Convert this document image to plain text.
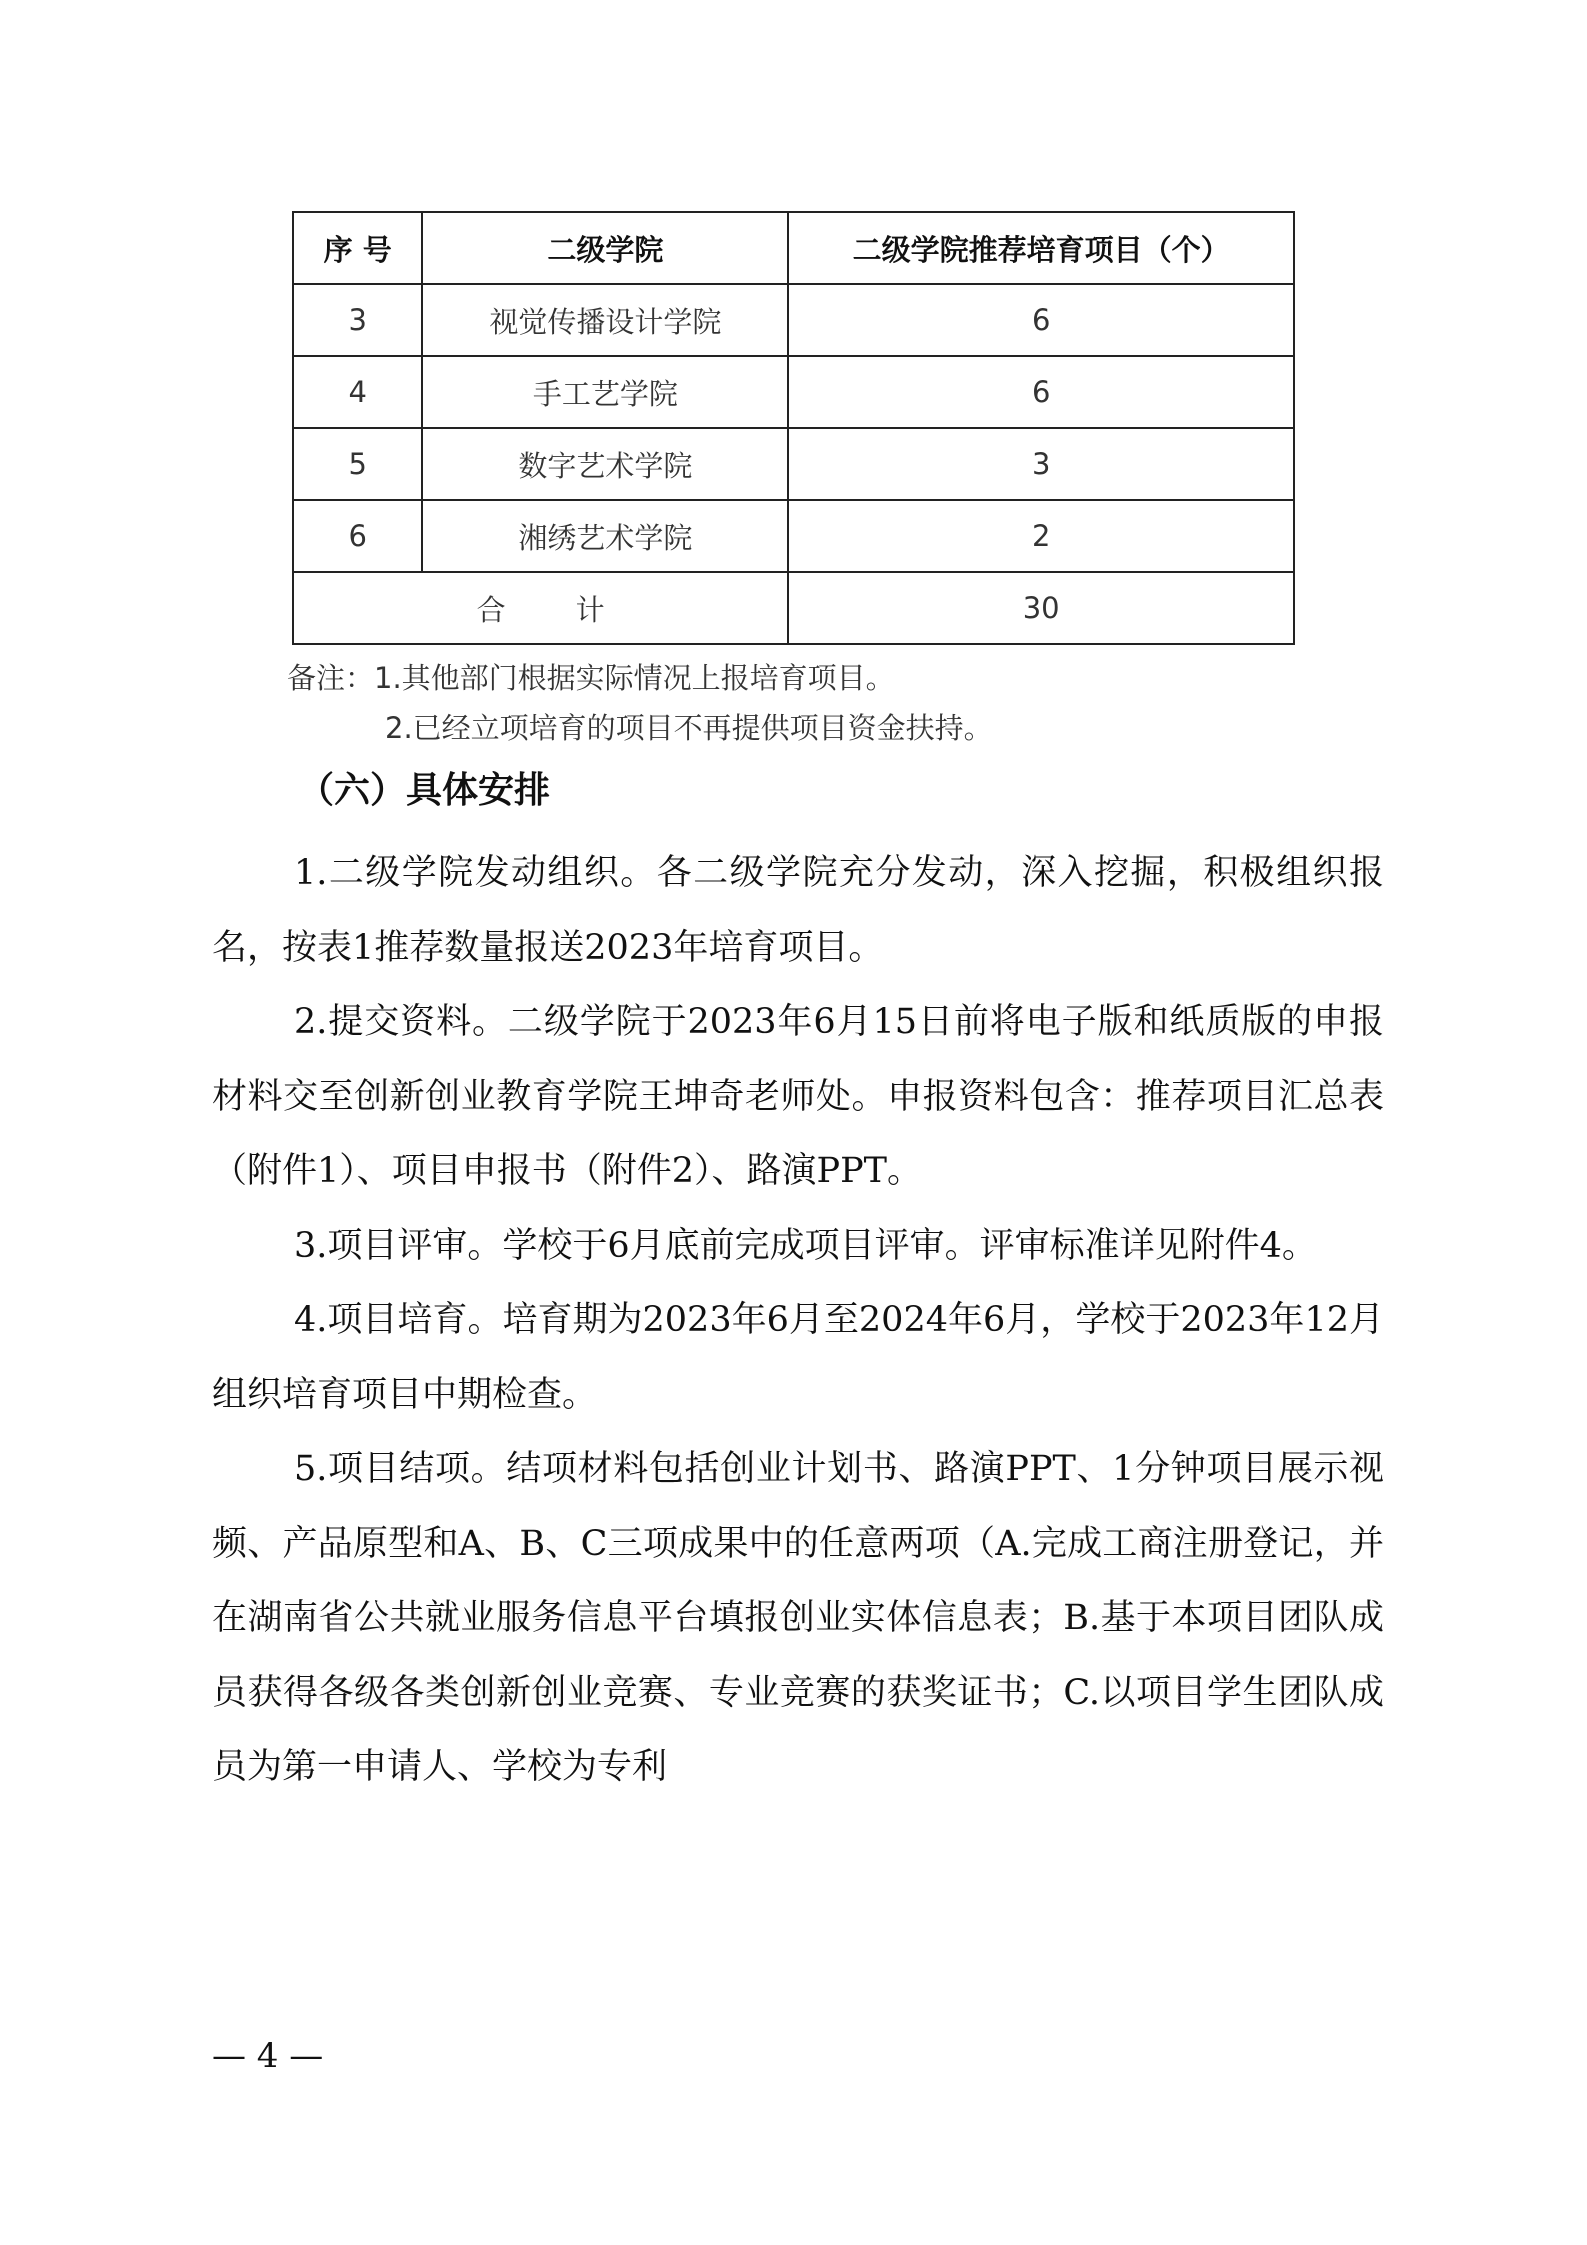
序 号	二级学院	二级学院推荐培育项目（个）
3	视觉传播设计学院	6
4	手工艺学院	6
5	数字艺术学院	3
6	湘绣艺术学院	2
合计		30
备注：1.其他部门根据实际情况上报培育项目。
2.已经立项培育的项目不再提供项目资金扶持。
（六）具体安排

1.二级学院发动组织。各二级学院充分发动，深入挖掘，积极组织报名，按表1推荐数量报送2023年培育项目。

2.提交资料。二级学院于2023年6月15日前将电子版和纸质版的申报材料交至创新创业教育学院王坤奇老师处。申报资料包含：推荐项目汇总表（附件1）、项目申报书（附件2）、路演PPT。

3.项目评审。学校于6月底前完成项目评审。评审标准详见附件4。

4.项目培育。培育期为2023年6月至2024年6月，学校于2023年12月组织培育项目中期检查。

5.项目结项。结项材料包括创业计划书、路演PPT、1分钟项目展示视频、产品原型和A、B、C三项成果中的任意两项（A.完成工商注册登记，并在湖南省公共就业服务信息平台填报创业实体信息表；B.基于本项目团队成员获得各级各类创新创业竞赛、专业竞赛的获奖证书；C.以项目学生团队成员为第一申请人、学校为专利

— 4 —
